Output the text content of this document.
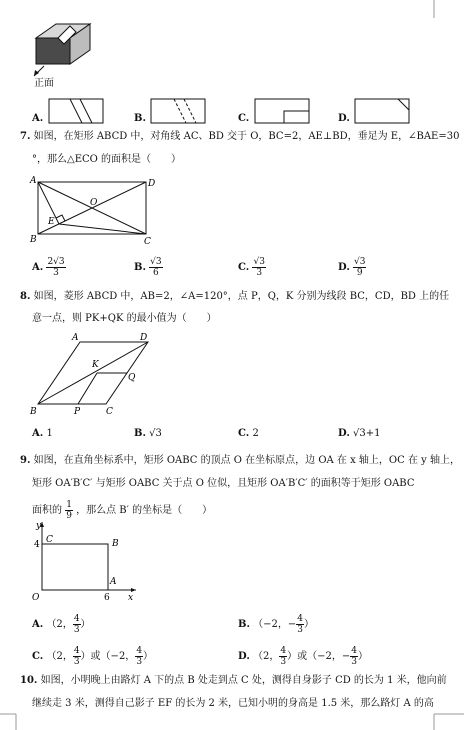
正面
A.	B.	C.	D.
7. 如图，在矩形 ABCD 中，对角线 AC、BD 交于 O，BC=2，AE⊥BD，垂足为 E，∠BAE=30
°，那么△ECO 的面积是（　　）
A	D
B	C
E
O
A. $\frac{2√3}{3}$	B. $\frac{√3}{6}$	C. $\frac{√3}{3}$	D. $\frac{√3}{9}$
8. 如图，菱形 ABCD 中，AB=2，∠A=120°，点 P，Q，K 分别为线段 BC，CD，BD 上的任
意一点，则 PK+QK 的最小值为（　　）
A	D
B	C
K
P
Q
A. 1	B. √3	C. 2	D. √3+1
9. 如图，在直角坐标系中，矩形 OABC 的顶点 O 在坐标原点，边 OA 在 x 轴上，OC 在 y 轴上，
矩形 OA′B′C′ 与矩形 OABC 关于点 O 位似，且矩形 OA′B′C′ 的面积等于矩形 OABC
面积的 $\frac{1}{9}$ ，那么点 B′ 的坐标是（　　）
y
x
C	B
A
O
4
6
A. （2， $\frac{4}{3}$ ）	B. （−2，− $\frac{4}{3}$ ）
C. （2， $\frac{4}{3}$ ）或（−2， $\frac{4}{3}$ ）	D. （2， $\frac{4}{3}$ ）或（−2，− $\frac{4}{3}$ ）
10. 如图，小明晚上由路灯 A 下的点 B 处走到点 C 处，测得自身影子 CD 的长为 1 米，他向前
继续走 3 米，测得自己影子 EF 的长为 2 米，已知小明的身高是 1.5 米，那么路灯 A 的高
